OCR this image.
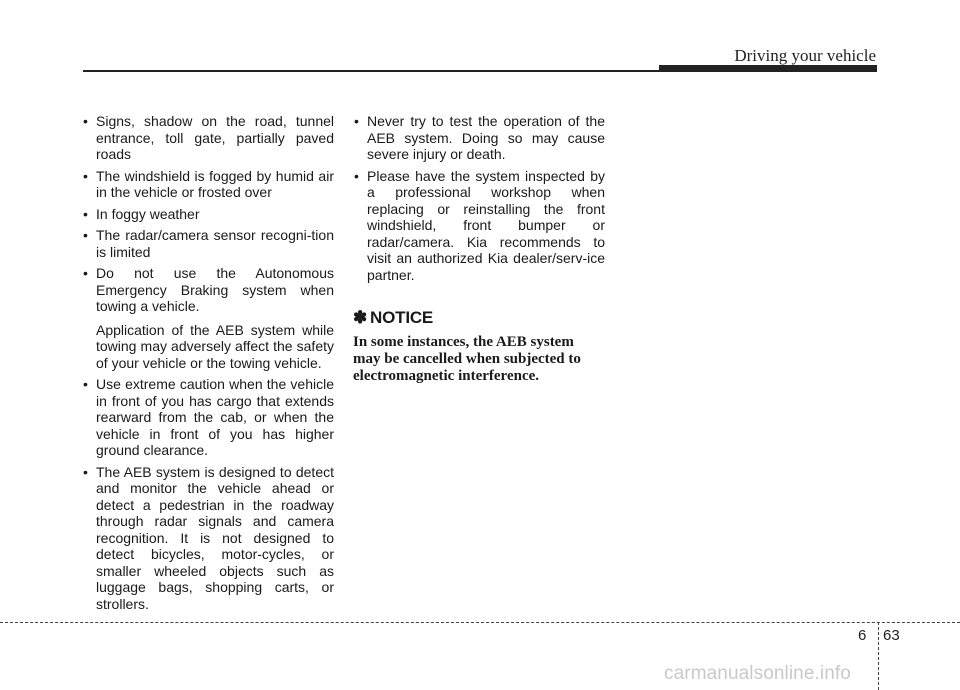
Driving your vehicle
• Signs, shadow on the road, tunnel entrance, toll gate, partially paved roads

• The windshield is fogged by humid air in the vehicle or frosted over

• In foggy weather

• The radar/camera sensor recogni-tion is limited

• Do not use the Autonomous Emergency Braking system when towing a vehicle.

Application of the AEB system while towing may adversely affect the safety of your vehicle or the towing vehicle.

• Use extreme caution when the vehicle in front of you has cargo that extends rearward from the cab, or when the vehicle in front of you has higher ground clearance.

• The AEB system is designed to detect and monitor the vehicle ahead or detect a pedestrian in the roadway through radar signals and camera recognition. It is not designed to detect bicycles, motor-cycles, or smaller wheeled objects such as luggage bags, shopping carts, or strollers.

• Never try to test the operation of the AEB system. Doing so may cause severe injury or death.

• Please have the system inspected by a professional workshop when replacing or reinstalling the front windshield, front bumper or radar/camera. Kia recommends to visit an authorized Kia dealer/serv-ice partner.

✽ NOTICE
In some instances, the AEB system may be cancelled when subjected to electromagnetic interference.
6 63
carmanualsonline.info
